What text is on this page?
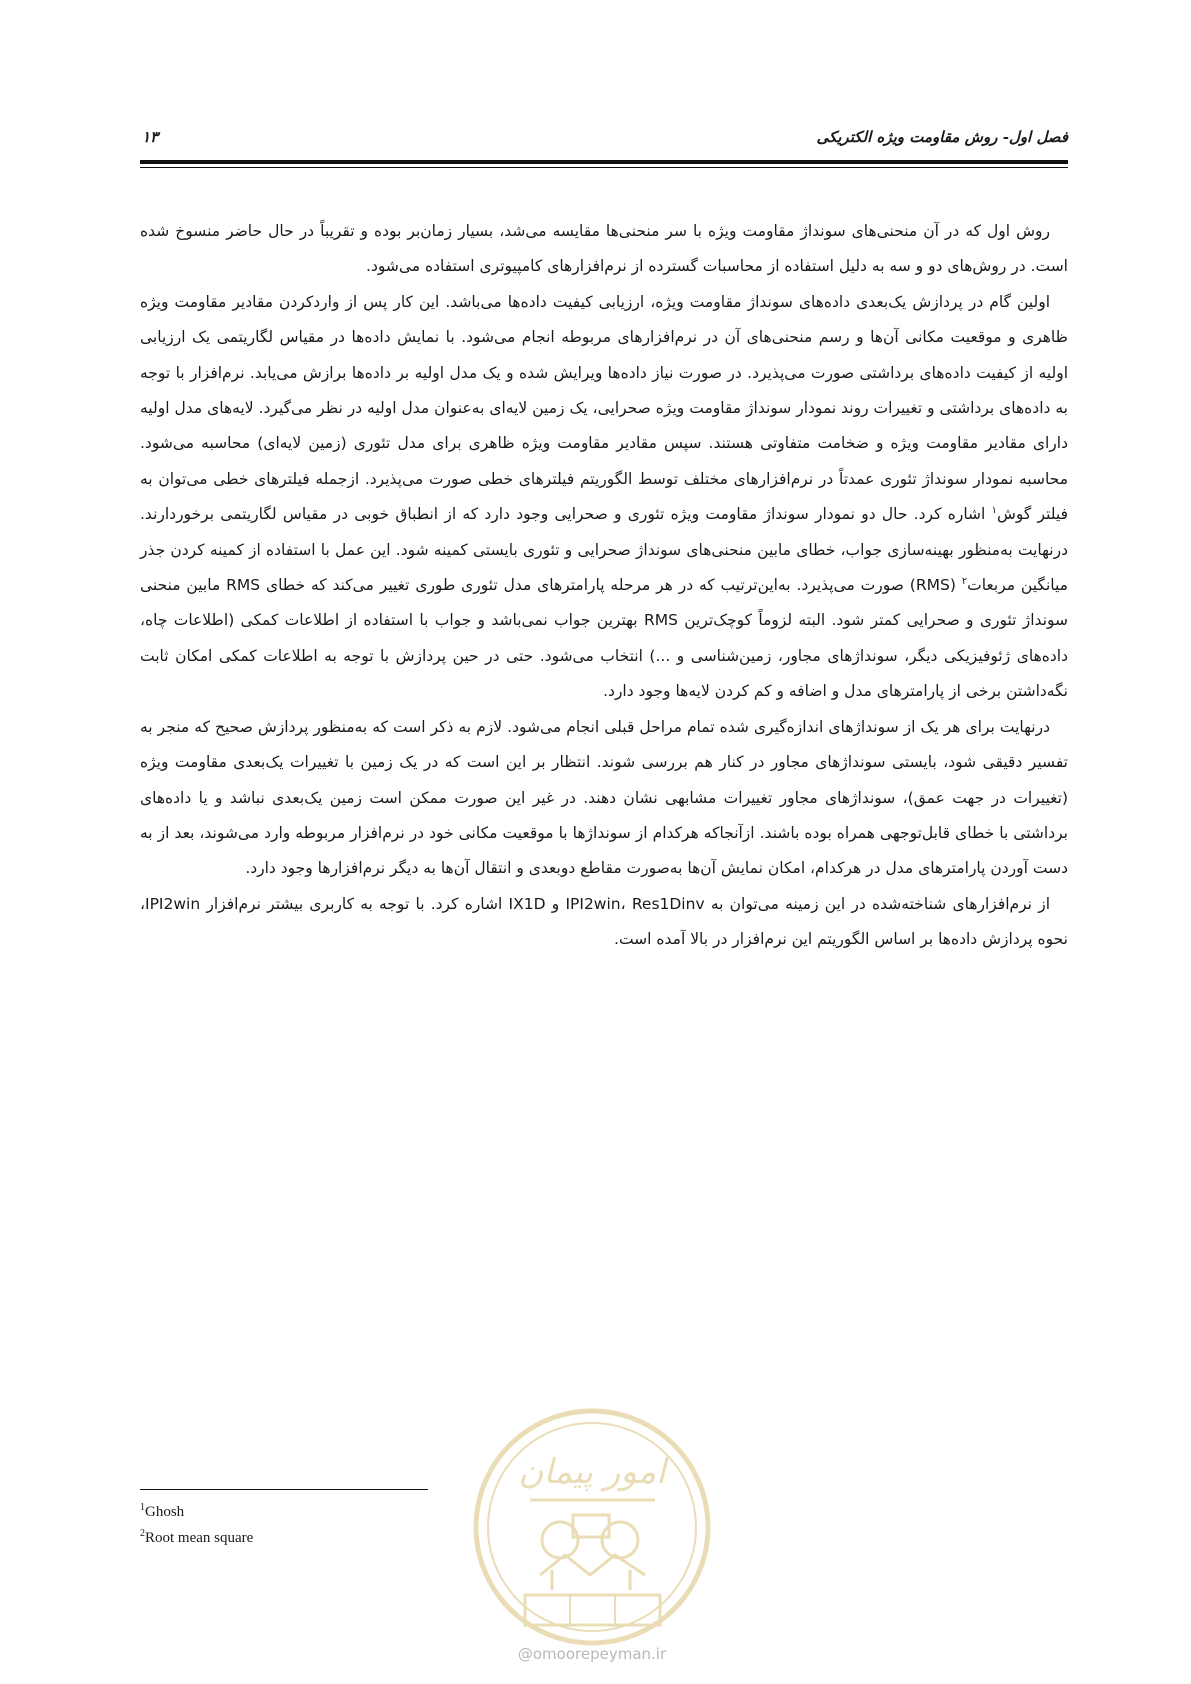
فصل اول- روش مقاومت ویژه الکتریکی
۱۳

روش اول که در آن منحنی‌های سونداژ مقاومت ویژه با سر منحنی‌ها مقایسه می‌شد، بسیار زمان‌بر بوده و تقریباً در حال حاضر منسوخ شده است. در روش‌های دو و سه به دلیل استفاده از محاسبات گسترده از نرم‌افزارهای کامپیوتری استفاده می‌شود.

اولین گام در پردازش یک‌بعدی داده‌های سونداژ مقاومت ویژه، ارزیابی کیفیت داده‌ها می‌باشد. این کار پس از واردکردن مقادیر مقاومت ویژه ظاهری و موقعیت مکانی آن‌ها و رسم منحنی‌های آن در نرم‌افزارهای مربوطه انجام می‌شود. با نمایش داده‌ها در مقیاس لگاریتمی یک ارزیابی اولیه از کیفیت داده‌های برداشتی صورت می‌پذیرد. در صورت نیاز داده‌ها ویرایش شده و یک مدل اولیه بر داده‌ها برازش می‌یابد. نرم‌افزار با توجه به داده‌های برداشتی و تغییرات روند نمودار سونداژ مقاومت ویژه صحرایی، یک زمین لایه‌ای به‌عنوان مدل اولیه در نظر می‌گیرد. لایه‌های مدل اولیه دارای مقادیر مقاومت ویژه و ضخامت متفاوتی هستند. سپس مقادیر مقاومت ویژه ظاهری برای مدل تئوری (زمین لایه‌ای) محاسبه می‌شود. محاسبه نمودار سونداژ تئوری عمدتاً در نرم‌افزارهای مختلف توسط الگوریتم فیلترهای خطی صورت می‌پذیرد. ازجمله فیلترهای خطی می‌توان به فیلتر گوش$^۱$ اشاره کرد. حال دو نمودار سونداژ مقاومت ویژه تئوری و صحرایی وجود دارد که از انطباق خوبی در مقیاس لگاریتمی برخوردارند. درنهایت به‌منظور بهینه‌سازی جواب، خطای مابین منحنی‌های سونداژ صحرایی و تئوری بایستی کمینه شود. این عمل با استفاده از کمینه کردن جذر میانگین مربعات$^۲$ (RMS) صورت می‌پذیرد. به‌این‌ترتیب که در هر مرحله پارامترهای مدل تئوری طوری تغییر می‌کند که خطای RMS مابین منحنی سونداژ تئوری و صحرایی کمتر شود. البته لزوماً کوچک‌ترین RMS بهترین جواب نمی‌باشد و جواب با استفاده از اطلاعات کمکی (اطلاعات چاه، داده‌های ژئوفیزیکی دیگر، سونداژهای مجاور، زمین‌شناسی و ...) انتخاب می‌شود. حتی در حین پردازش با توجه به اطلاعات کمکی امکان ثابت نگه‌داشتن برخی از پارامترهای مدل و اضافه و کم کردن لایه‌ها وجود دارد.

درنهایت برای هر یک از سونداژهای اندازه‌گیری شده تمام مراحل قبلی انجام می‌شود. لازم به ذکر است که به‌منظور پردازش صحیح که منجر به تفسیر دقیقی شود، بایستی سونداژهای مجاور در کنار هم بررسی شوند. انتظار بر این است که در یک زمین با تغییرات یک‌بعدی مقاومت ویژه (تغییرات در جهت عمق)، سونداژهای مجاور تغییرات مشابهی نشان دهند. در غیر این صورت ممکن است زمین یک‌بعدی نباشد و یا داده‌های برداشتی با خطای قابل‌توجهی همراه بوده باشند. ازآنجاکه هرکدام از سونداژها با موقعیت مکانی خود در نرم‌افزار مربوطه وارد می‌شوند، بعد از به دست آوردن پارامترهای مدل در هرکدام، امکان نمایش آن‌ها به‌صورت مقاطع دوبعدی و انتقال آن‌ها به دیگر نرم‌افزارها وجود دارد.

از نرم‌افزارهای شناخته‌شده در این زمینه می‌توان به IPI2win، Res1Dinv و IX1D اشاره کرد. با توجه به کاربری بیشتر نرم‌افزار IPI2win، نحوه پردازش داده‌ها بر اساس الگوریتم این نرم‌افزار در بالا آمده است.

$^1$Ghosh
$^2$Root mean square
امور پیمان
@omoorepeyman.ir
